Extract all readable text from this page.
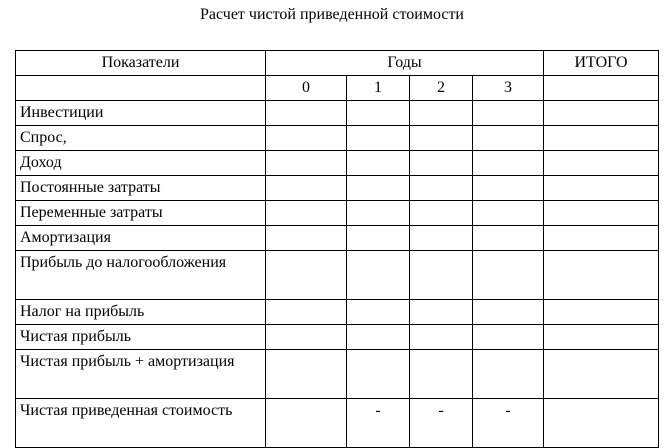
Расчет чистой приведенной стоимости
Показатели	Годы				ИТОГО
	0	1	2	3	
Инвестиции					
Спрос,					
Доход					
Постоянные затраты					
Переменные затраты					
Амортизация					
Прибыль до налогообложения					
Налог на прибыль					
Чистая прибыль					
Чистая прибыль + амортизация					
Чистая приведенная стоимость		-	-	-	
